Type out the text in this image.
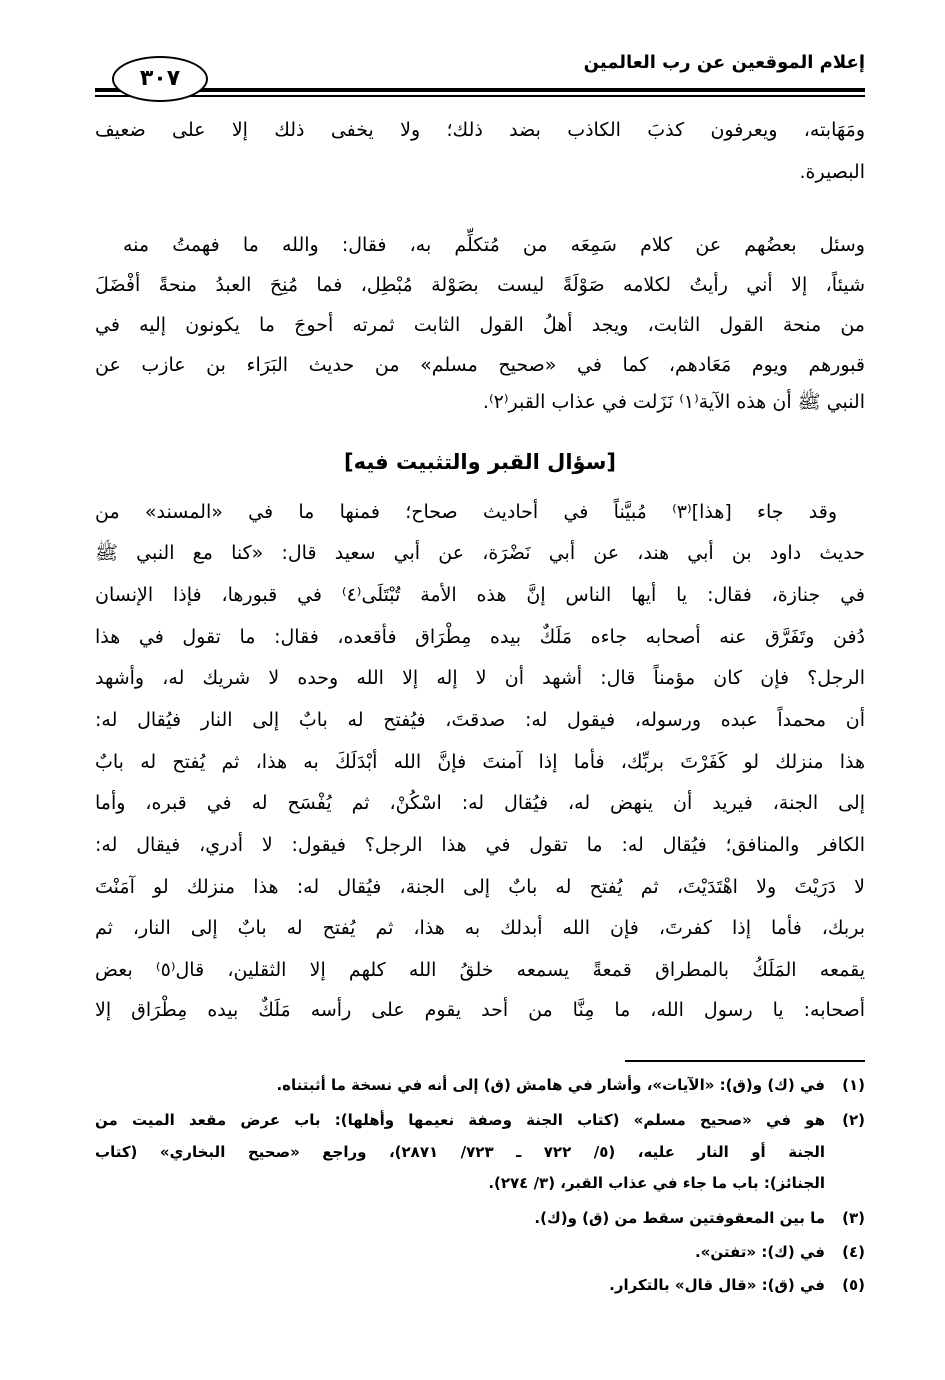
إعلام الموقعين عن رب العالمين
٣٠٧
ومَهَابته، ويعرفون كذبَ الكاذب بضد ذلك؛ ولا يخفى ذلك إلا على ضعيف
البصيرة.
وسئل بعضُهم عن كلام سَمِعَه من مُتكلِّم به، فقال: والله ما فهمتُ منه
شيئاً، إلا أني رأيتُ لكلامه صَوْلَةً ليست بصَوْلة مُبْطِل، فما مُنِحَ العبدُ منحةً أفْضَلَ
من منحة القول الثابت، ويجد أهلُ القول الثابت ثمرته أحوجَ ما يكونون إليه في
قبورهم ويوم مَعَادهم، كما في «صحيح مسلم» من حديث البَرَاء بن عازب عن
النبي ﷺ أن هذه الآية⁽١⁾ نَزَلت في عذاب القبر⁽٢⁾.
[سؤال القبر والتثبيت فيه]
وقد جاء [هذا]⁽٣⁾ مُبيَّناً في أحاديث صحاح؛ فمنها ما في «المسند» من
حديث داود بن أبي هند، عن أبي نَضْرَة، عن أبي سعيد قال: «كنا مع النبي ﷺ
في جنازة، فقال: يا أيها الناس إنَّ هذه الأمة تُبْتَلَى⁽٤⁾ في قبورها، فإذا الإنسان
دُفن وتَفَرَّق عنه أصحابه جاءه مَلَكٌ بيده مِطْرَاق فأقعده، فقال: ما تقول في هذا
الرجل؟ فإن كان مؤمناً قال: أشهد أن لا إله إلا الله وحده لا شريك له، وأشهد
أن محمداً عبده ورسوله، فيقول له: صدقتَ، فيُفتح له بابٌ إلى النار فيُقال له:
هذا منزلك لو كَفَرْتَ بربِّك، فأما إذا آمنتَ فإنَّ الله أبْدَلَكَ به هذا، ثم يُفتح له بابٌ
إلى الجنة، فيريد أن ينهض له، فيُقال له: اسْكُنْ، ثم يُفْسَح له في قبره، وأما
الكافر والمنافق؛ فيُقال له: ما تقول في هذا الرجل؟ فيقول: لا أدري، فيقال له:
لا دَرَيْتَ ولا اهْتَدَيْتَ، ثم يُفتح له بابٌ إلى الجنة، فيُقال له: هذا منزلك لو آمَنْتَ
بربك، فأما إذا كفرتَ، فإن الله أبدلك به هذا، ثم يُفتح له بابٌ إلى النار، ثم
يقمعه المَلَكُ بالمطراق قمعةً يسمعه خلقُ الله كلهم إلا الثقلين، قال⁽٥⁾ بعض
أصحابه: يا رسول الله، ما مِنَّا من أحد يقوم على رأسه مَلَكٌ بيده مِطْرَاق إلا
(١)
في (ك) و(ق): «الآيات»، وأشار في هامش (ق) إلى أنه في نسخة ما أثبتناه.
(٢)
هو في «صحيح مسلم» (كتاب الجنة وصفة نعيمها وأهلها): باب عرض مقعد الميت من
الجنة أو النار عليه، (٥/ ٧٢٢ ـ ٧٢٣/ ٢٨٧١)، وراجع «صحيح البخاري» (كتاب
الجنائز): باب ما جاء في عذاب القبر، (٣/ ٢٧٤).
(٣)
ما بين المعقوفتين سقط من (ق) و(ك).
(٤)
في (ك): «تفتن».
(٥)
في (ق): «قال قال» بالتكرار.
